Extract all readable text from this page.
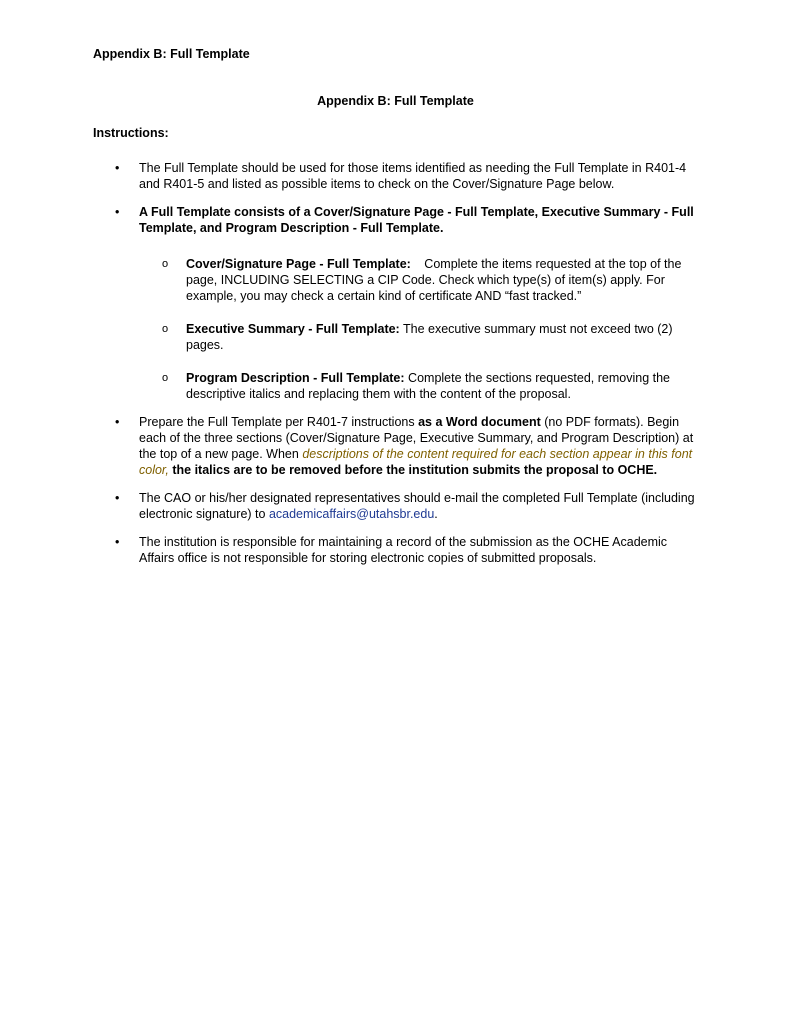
Appendix B: Full Template
Appendix B: Full Template
Instructions:
• The Full Template should be used for those items identified as needing the Full Template in R401-4 and R401-5 and listed as possible items to check on the Cover/Signature Page below.
• A Full Template consists of a Cover/Signature Page - Full Template, Executive Summary - Full Template, and Program Description - Full Template.
o Cover/Signature Page - Full Template: Complete the items requested at the top of the page, INCLUDING SELECTING a CIP Code. Check which type(s) of item(s) apply. For example, you may check a certain kind of certificate AND “fast tracked.”
o Executive Summary - Full Template: The executive summary must not exceed two (2) pages.
o Program Description - Full Template: Complete the sections requested, removing the descriptive italics and replacing them with the content of the proposal.
• Prepare the Full Template per R401-7 instructions as a Word document (no PDF formats). Begin each of the three sections (Cover/Signature Page, Executive Summary, and Program Description) at the top of a new page. When descriptions of the content required for each section appear in this font color, the italics are to be removed before the institution submits the proposal to OCHE.
• The CAO or his/her designated representatives should e-mail the completed Full Template (including electronic signature) to academicaffairs@utahsbr.edu.
• The institution is responsible for maintaining a record of the submission as the OCHE Academic Affairs office is not responsible for storing electronic copies of submitted proposals.
